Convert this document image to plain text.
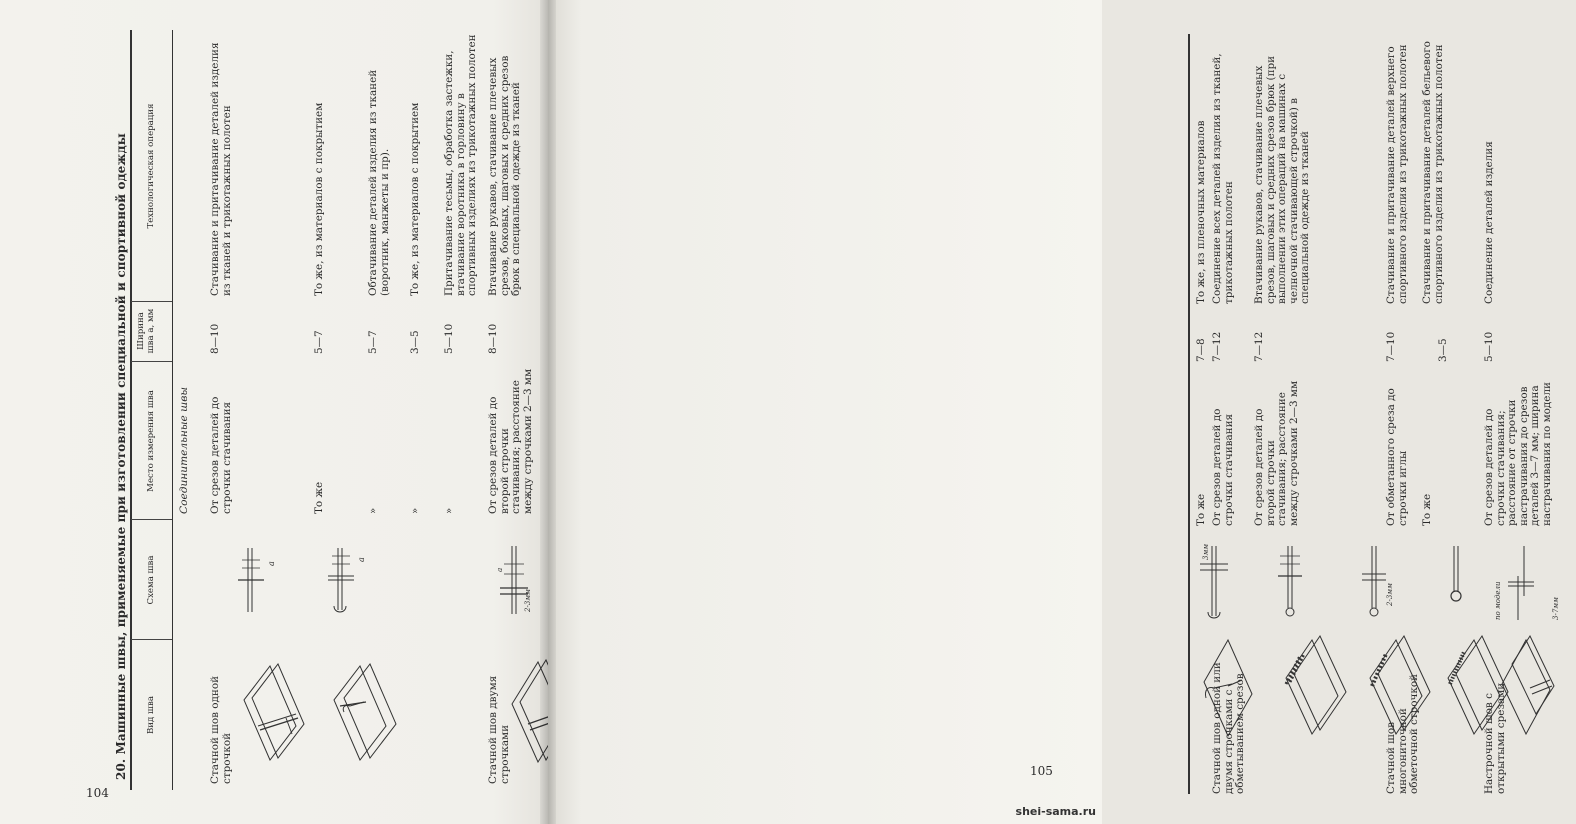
104
20. Машинные швы, применяемые при изготовлении специальной и спортивной одежды Вид шва
Схема шва
Место измерения шва
Ширина шва а, мм
Технологическая операция
Соединительные швы
Стачной шов одной строчкой
От срезов деталей до строчки стачивания
8—10
Стачивание и притачивание деталей изделия из тканей и трикотажных полотен
То же
5—7
То же, из материалов с покрытием
»
5—7
Обтачивание деталей изделия из тканей (воротник, манжеты и пр).
»
3—5
То же, из материалов с покрытием
»
5—10
Притачивание тесьмы, обработка застежки, втачивание воротника в горловину в спортивных изделиях из трикотажных полотен
Стачной шов двумя строчками
От срезов деталей до второй строчки стачивания; расстояние между строчками 2—3 мм
8—10
Втачивание рукавов, стачивание плечевых срезов, боковых, шаговых и средних срезов брюк в специальной одежде из тканей
a
a
2-3мм
a
105
shei-sama.ru
То же
7—8
То же, из пленочных материалов
Стачной шов одной или двумя строчками с обметыванием срезов
От срезов деталей до строчки стачивания
7—12
Соединение всех деталей изделия из тканей, трикотажных полотен
От срезов деталей до второй строчки стачивания; расстояние между строчками 2—3 мм
7—12
Втачивание рукавов, стачивание плечевых срезов, шаговых и средних срезов брюк (при выполнении этих операций на машинах с челночной стачивающей строчкой) в специальной одежде из тканей
Стачной шов многониточной обметочной строчкой
От обметанного среза до строчки иглы
7—10
Стачивание и притачивание деталей верхнего спортивного изделия из трикотажных полотен
То же
3—5
Стачивание и притачивание деталей бельевого спортивного изделия из трикотажных полотен
Настрочной шов с открытыми срезами
От срезов деталей до строчки стачивания; расстояние от строчки настрачивания до срезов деталей 3—7 мм; ширина настрачивания по модели
5—10
Соединение деталей изделия
3мм
2-3мм
3-7мм
по модели
